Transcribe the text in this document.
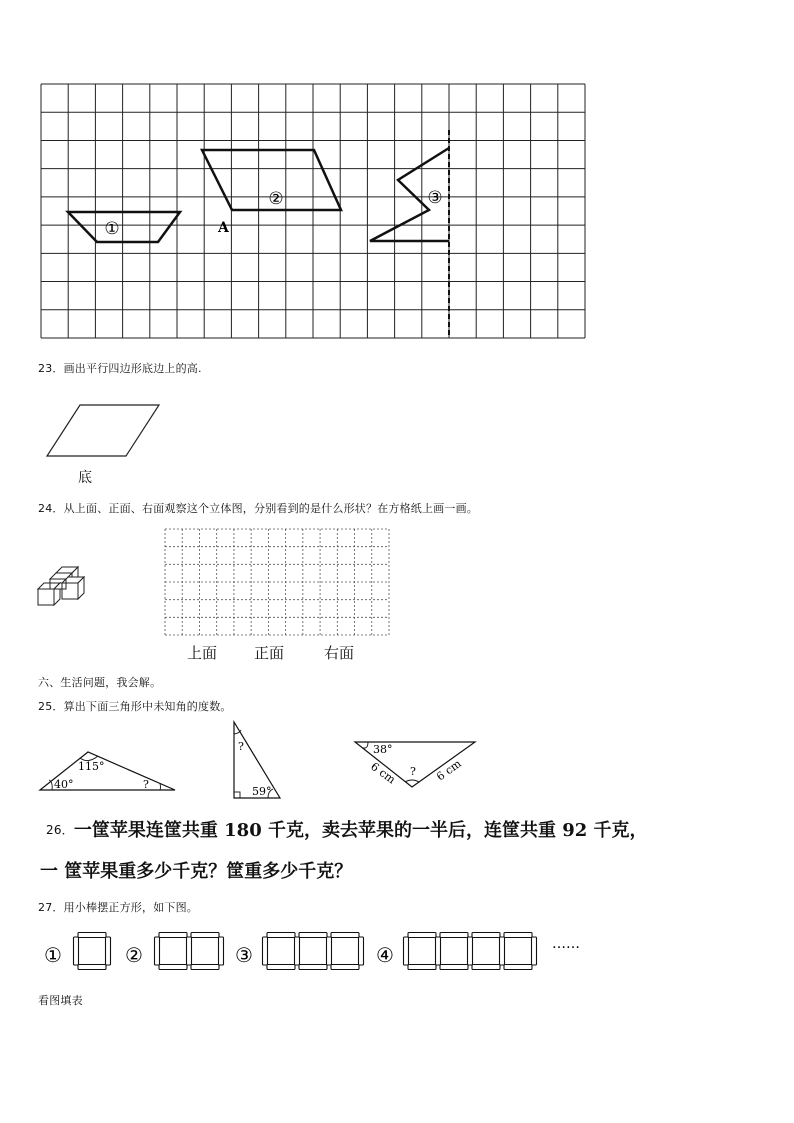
①
②	③
A
23．画出平行四边形底边上的高.
底
24．从上面、正面、右面观察这个立体图，分别看到的是什么形状？在方格纸上画一画。
上面 正面	右面
六、生活问题，我会解。
25．算出下面三角形中未知角的度数。
115°
40°	?
?
59°
38°
?
6 cm	6 cm
26．一筐苹果连筐共重 180 千克，卖去苹果的一半后，连筐共重 92 千克，
一 筐苹果重多少千克？筐重多少千克？
27．用小棒摆正方形，如下图。
①	②	③	④	……
看图填表
